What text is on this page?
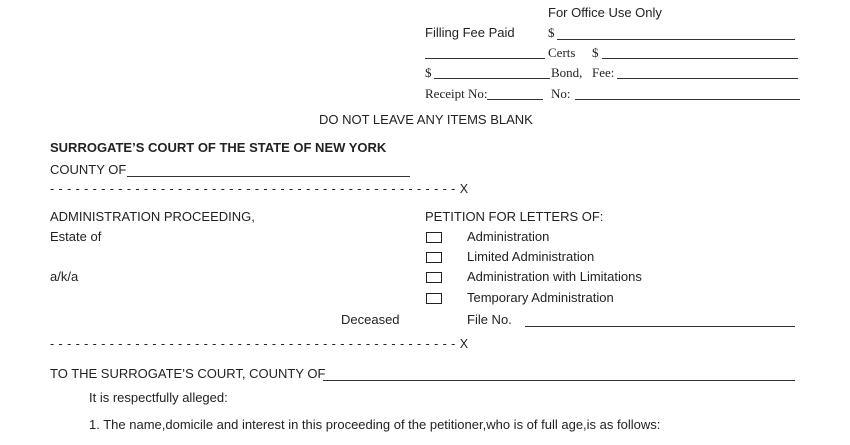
For Office Use Only
Filling Fee Paid	$
Certs $
$	Bond, Fee:
Receipt No:	No:
DO NOT LEAVE ANY ITEMS BLANK
SURROGATE’S COURT OF THE STATE OF NEW YORK
COUNTY OF
- - - - - - - - - - - - - - - - - - - - - - - - - - - - - - - - - - - - - - - - - - - - - - - - X
ADMINISTRATION PROCEEDING,
Estate of
a/k/a
Deceased
PETITION FOR LETTERS OF:
Administration
Limited Administration
Administration with Limitations
Temporary Administration
File No.
- - - - - - - - - - - - - - - - - - - - - - - - - - - - - - - - - - - - - - - - - - - - - - - - X
TO THE SURROGATE’S COURT, COUNTY OF
It is respectfully alleged:
1. The name,domicile and interest in this proceeding of the petitioner,who is of full age,is as follows:
